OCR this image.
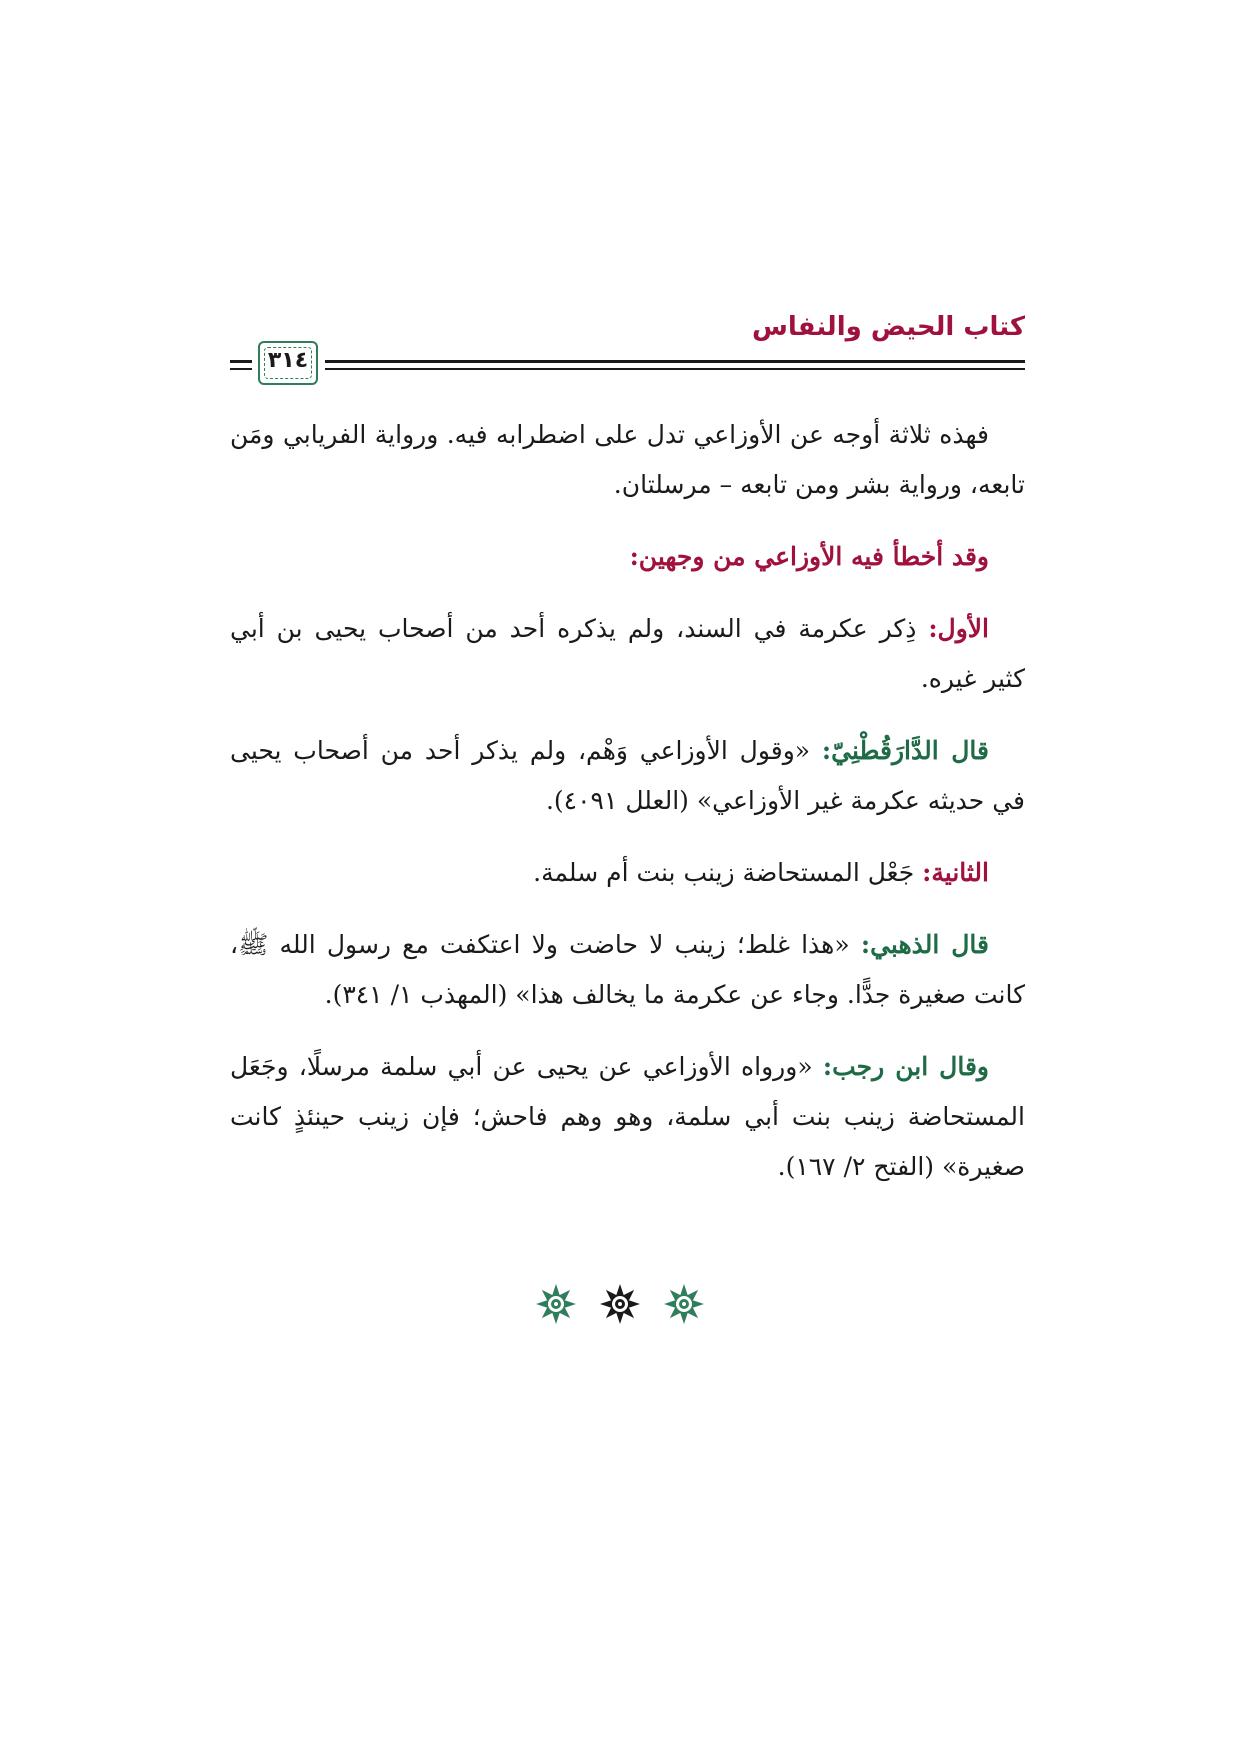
كتاب الحيض والنفاس
٣١٤

فهذه ثلاثة أوجه عن الأوزاعي تدل على اضطرابه فيه. ورواية الفريابي ومَن تابعه، ورواية بشر ومن تابعه – مرسلتان.

وقد أخطأ فيه الأوزاعي من وجهين:

الأول: ذِكر عكرمة في السند، ولم يذكره أحد من أصحاب يحيى بن أبي كثير غيره.

قال الدَّارَقُطْنِيّ: «وقول الأوزاعي وَهْم، ولم يذكر أحد من أصحاب يحيى في حديثه عكرمة غير الأوزاعي» (العلل ٤٠٩١).

الثانية: جَعْل المستحاضة زينب بنت أم سلمة.

قال الذهبي: «هذا غلط؛ زينب لا حاضت ولا اعتكفت مع رسول الله ﷺ، كانت صغيرة جدًّا. وجاء عن عكرمة ما يخالف هذا» (المهذب ١/ ٣٤١).

وقال ابن رجب: «ورواه الأوزاعي عن يحيى عن أبي سلمة مرسلًا، وجَعَل المستحاضة زينب بنت أبي سلمة، وهو وهم فاحش؛ فإن زينب حينئذٍ كانت صغيرة» (الفتح ٢/ ١٦٧).
